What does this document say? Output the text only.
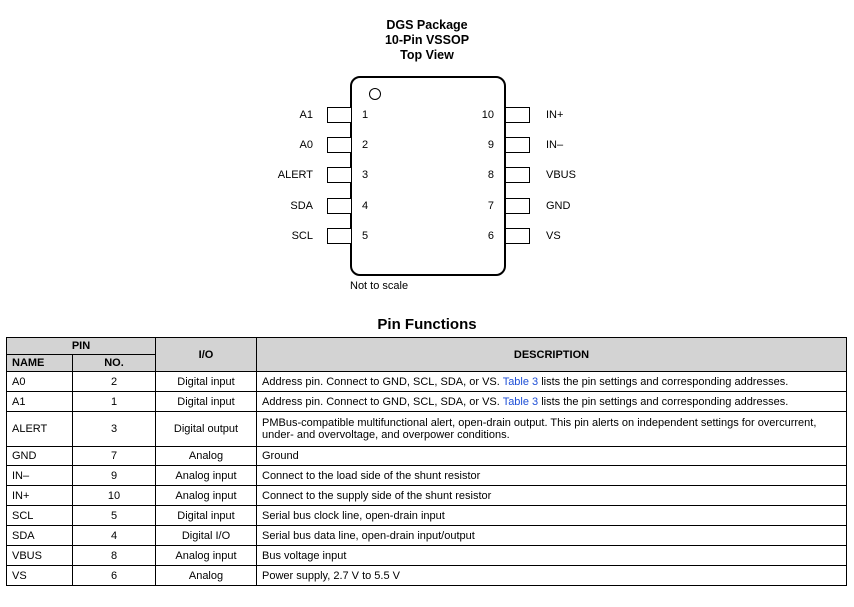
DGS Package
10-Pin VSSOP
Top View
1
A1
2
A0
3
ALERT
4
SDA
5
SCL
10	IN+
9	IN–
8	VBUS
7	GND
6	VS
Not to scale
Pin Functions
PIN		I/O	DESCRIPTION
NAME	NO.		
A0	2	Digital input	Address pin. Connect to GND, SCL, SDA, or VS. Table 3 lists the pin settings and corresponding addresses.
A1	1	Digital input	Address pin. Connect to GND, SCL, SDA, or VS. Table 3 lists the pin settings and corresponding addresses.
ALERT	3	Digital output	PMBus-compatible multifunctional alert, open-drain output. This pin alerts on independent settings for overcurrent, under- and overvoltage, and overpower conditions.
GND	7	Analog	Ground
IN–	9	Analog input	Connect to the load side of the shunt resistor
IN+	10	Analog input	Connect to the supply side of the shunt resistor
SCL	5	Digital input	Serial bus clock line, open-drain input
SDA	4	Digital I/O	Serial bus data line, open-drain input/output
VBUS	8	Analog input	Bus voltage input
VS	6	Analog	Power supply, 2.7 V to 5.5 V
